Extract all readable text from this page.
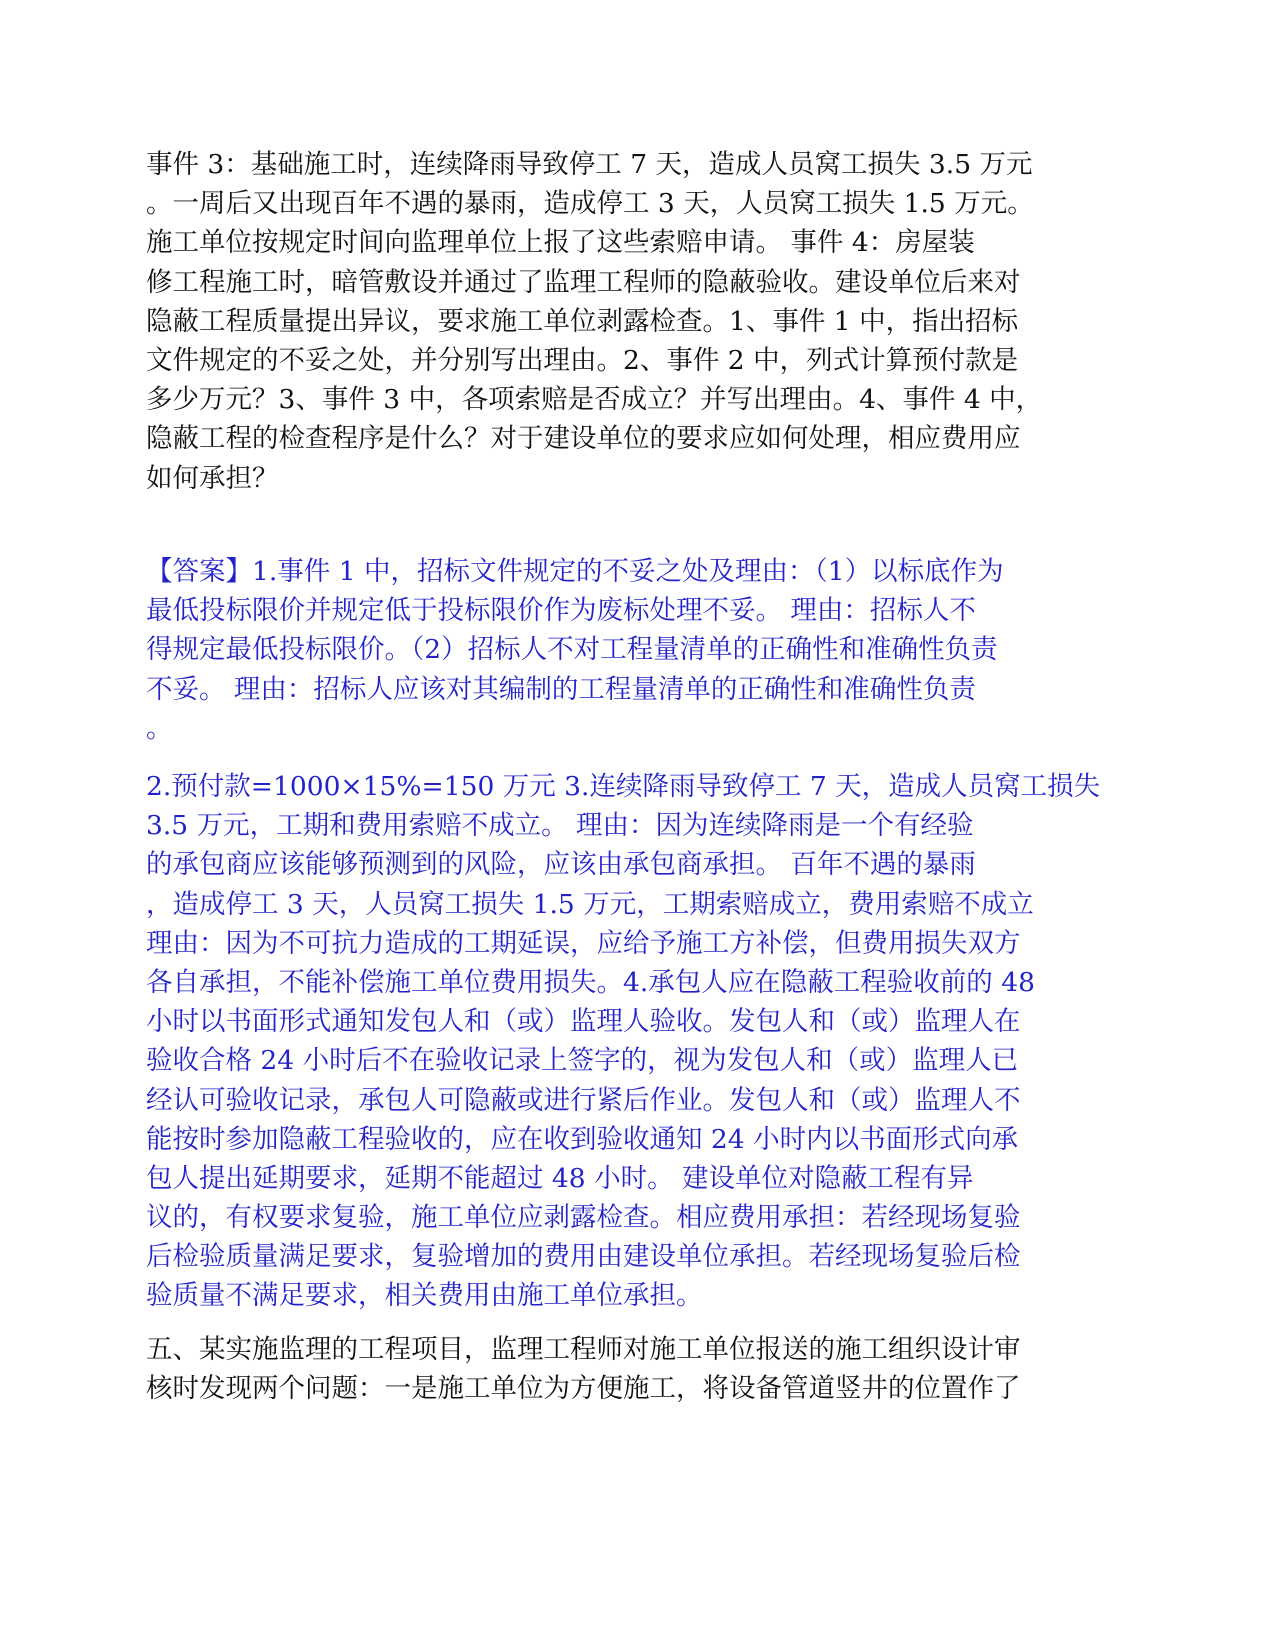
事件 3：基础施工时，连续降雨导致停工 7 天，造成人员窝工损失 3.5 万元
。一周后又出现百年不遇的暴雨，造成停工 3 天，人员窝工损失 1.5 万元。
施工单位按规定时间向监理单位上报了这些索赔申请。 事件 4：房屋装
修工程施工时，暗管敷设并通过了监理工程师的隐蔽验收。建设单位后来对
隐蔽工程质量提出异议，要求施工单位剥露检查。1、事件 1 中，指出招标
文件规定的不妥之处，并分别写出理由。2、事件 2 中，列式计算预付款是
多少万元？3、事件 3 中，各项索赔是否成立？并写出理由。4、事件 4 中，
隐蔽工程的检查程序是什么？对于建设单位的要求应如何处理，相应费用应
如何承担？
【答案】1.事件 1 中，招标文件规定的不妥之处及理由：（1）以标底作为
最低投标限价并规定低于投标限价作为废标处理不妥。 理由：招标人不
得规定最低投标限价。（2）招标人不对工程量清单的正确性和准确性负责
不妥。 理由：招标人应该对其编制的工程量清单的正确性和准确性负责
。
2.预付款=1000×15%=150 万元 3.连续降雨导致停工 7 天，造成人员窝工损失
3.5 万元，工期和费用索赔不成立。 理由：因为连续降雨是一个有经验
的承包商应该能够预测到的风险，应该由承包商承担。 百年不遇的暴雨
，造成停工 3 天，人员窝工损失 1.5 万元，工期索赔成立，费用索赔不成立
理由：因为不可抗力造成的工期延误，应给予施工方补偿，但费用损失双方
各自承担，不能补偿施工单位费用损失。4.承包人应在隐蔽工程验收前的 48
小时以书面形式通知发包人和（或）监理人验收。发包人和（或）监理人在
验收合格 24 小时后不在验收记录上签字的，视为发包人和（或）监理人已
经认可验收记录，承包人可隐蔽或进行紧后作业。发包人和（或）监理人不
能按时参加隐蔽工程验收的，应在收到验收通知 24 小时内以书面形式向承
包人提出延期要求，延期不能超过 48 小时。 建设单位对隐蔽工程有异
议的，有权要求复验，施工单位应剥露检查。相应费用承担：若经现场复验
后检验质量满足要求，复验增加的费用由建设单位承担。若经现场复验后检
验质量不满足要求，相关费用由施工单位承担。
五、某实施监理的工程项目，监理工程师对施工单位报送的施工组织设计审
核时发现两个问题：一是施工单位为方便施工，将设备管道竖井的位置作了
